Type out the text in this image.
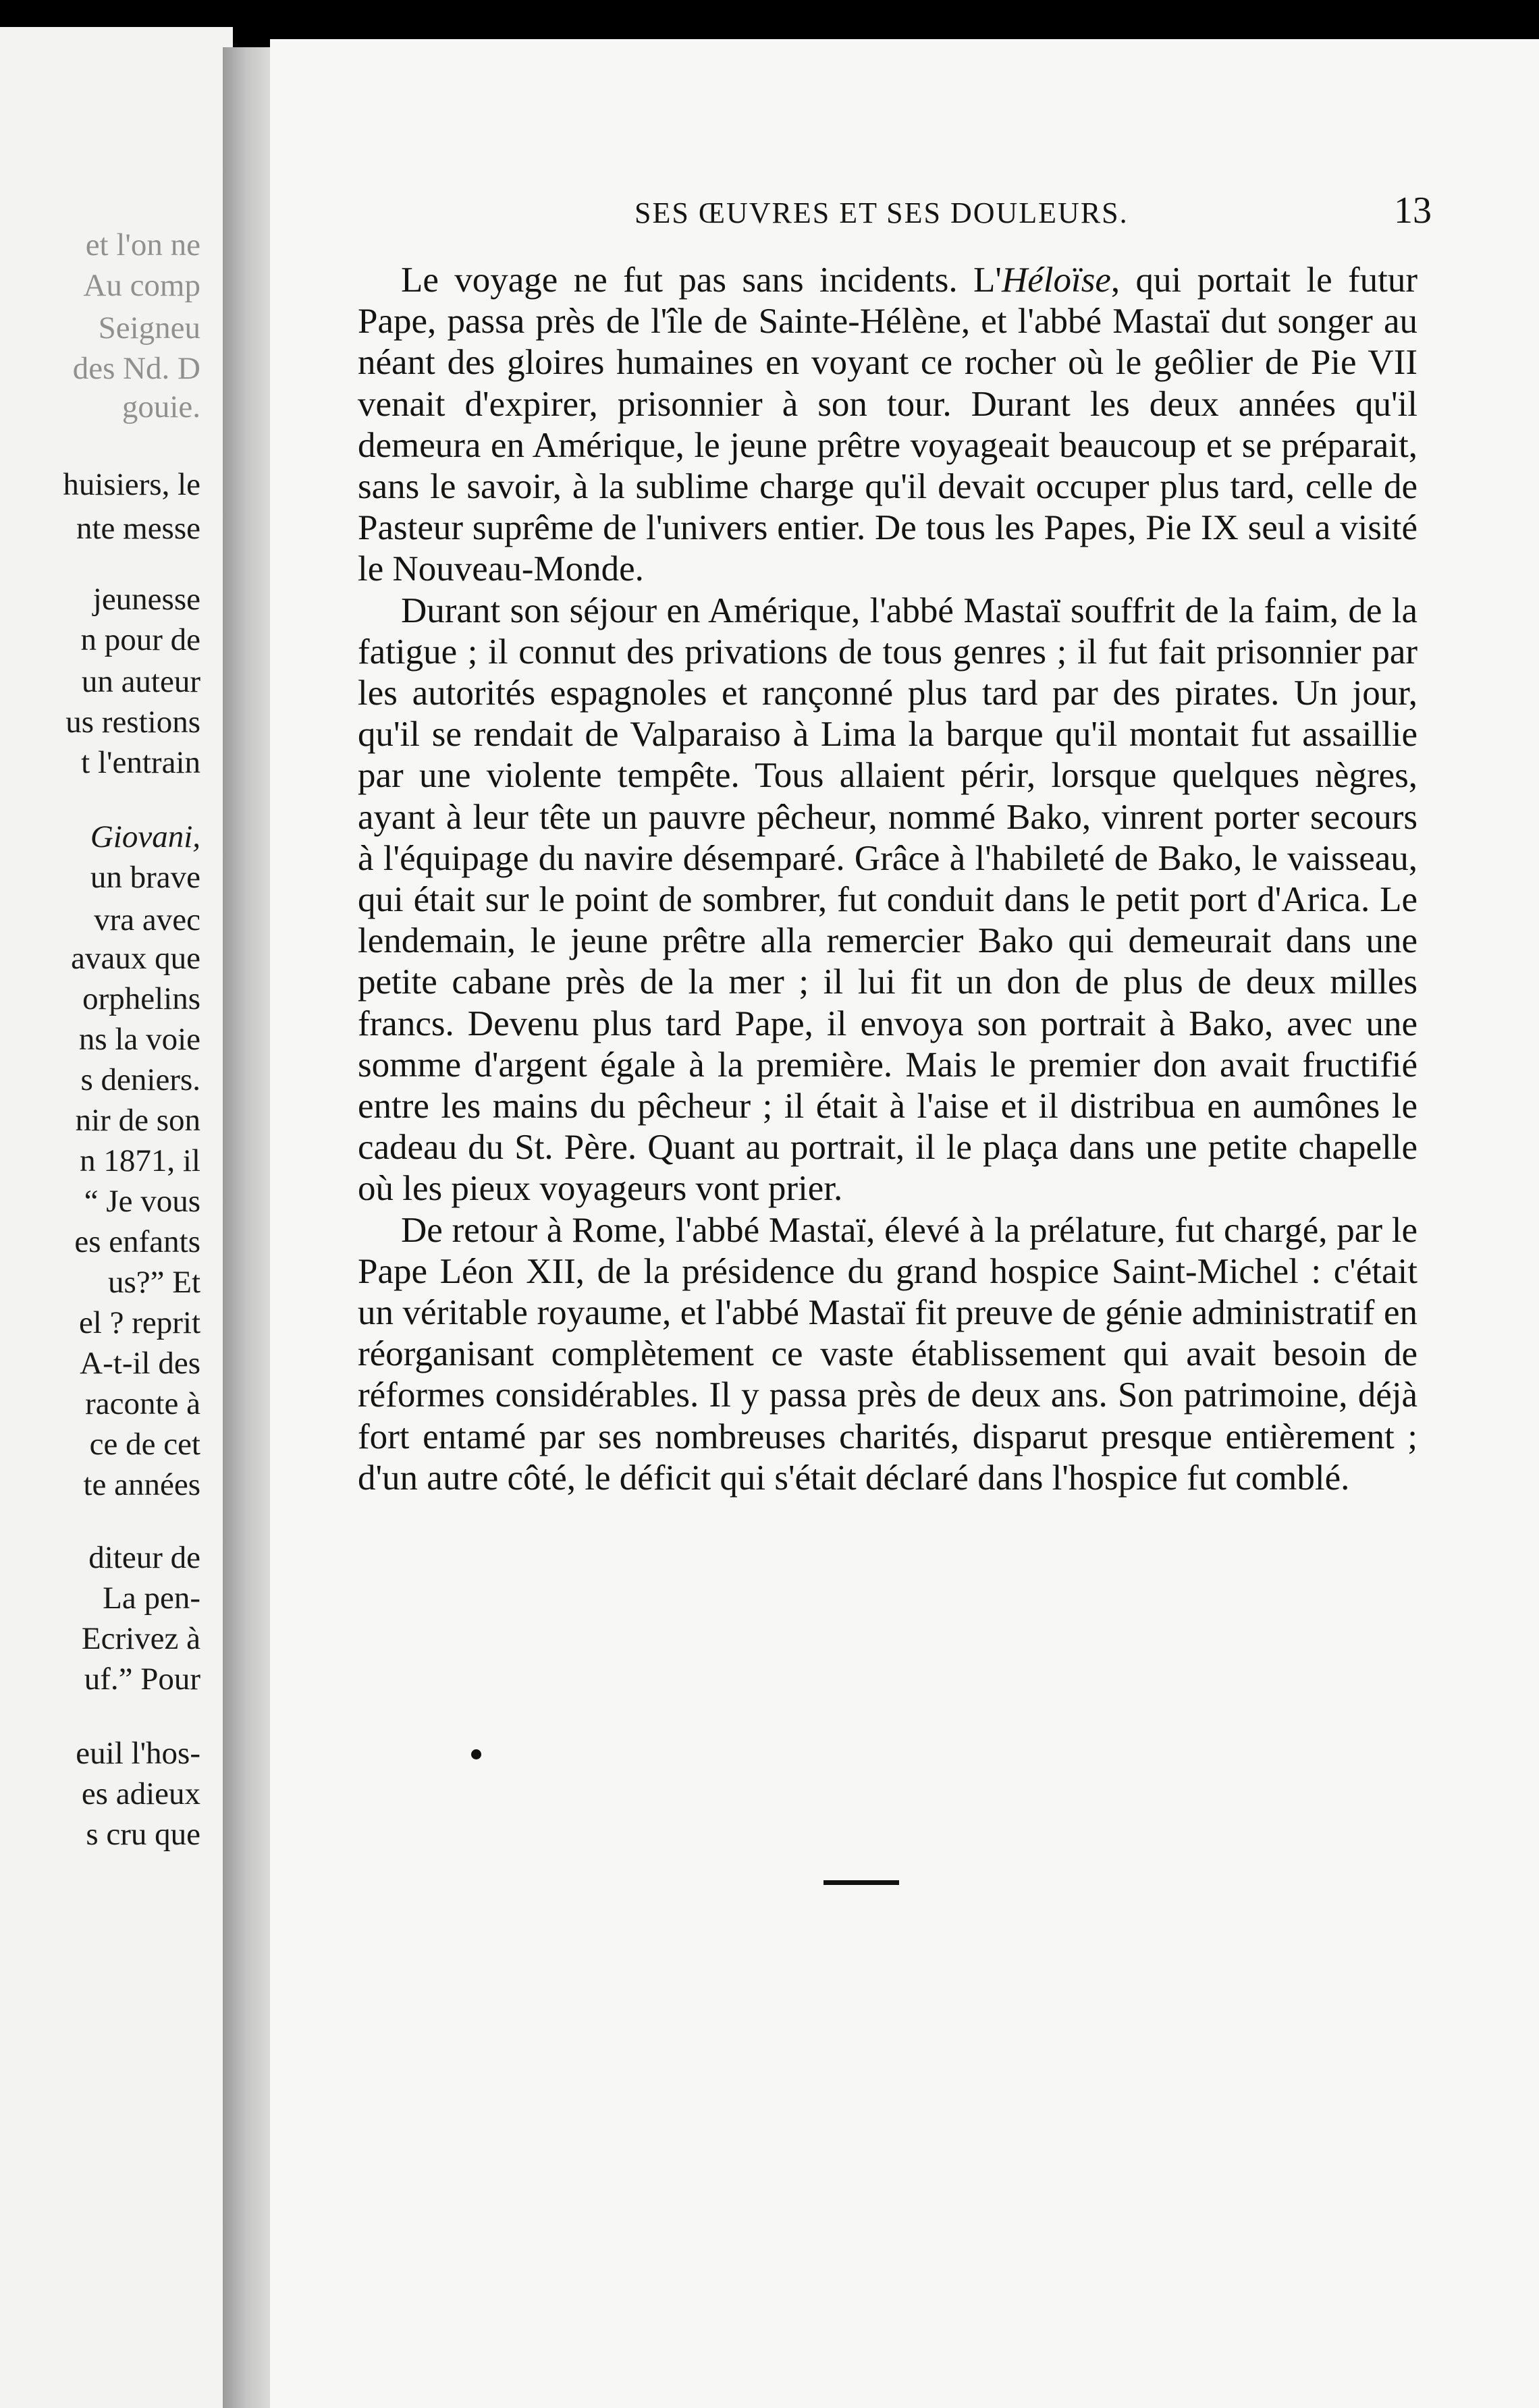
et l'on ne
Au comp
Seigneu
des Nd. D
gouie.
huisiers, le
nte messe
jeunesse
n pour de
un auteur
us restions
t l'entrain
Giovani,
un brave
vra avec
avaux que
orphelins
ns la voie
s deniers.
nir de son
n 1871, il
“ Je vous
es enfants
us?” Et
el ? reprit
A-t-il des
raconte à
ce de cet
te années
diteur de
La pen-
Ecrivez à
uf.” Pour
euil l'hos-
es adieux
s cru que
SES ŒUVRES ET SES DOULEURS.	13

Le voyage ne fut pas sans incidents. L'Héloïse, qui portait le futur Pape, passa près de l'île de Sainte-Hélène, et l'abbé Mastaï dut songer au néant des gloires humaines en voyant ce rocher où le geôlier de Pie VII venait d'expirer, prisonnier à son tour. Durant les deux années qu'il demeura en Amérique, le jeune prêtre voyageait beaucoup et se préparait, sans le savoir, à la sublime charge qu'il devait occuper plus tard, celle de Pasteur suprême de l'univers entier. De tous les Papes, Pie IX seul a visité le Nouveau-Monde.

Durant son séjour en Amérique, l'abbé Mastaï souffrit de la faim, de la fatigue ; il connut des privations de tous genres ; il fut fait prisonnier par les autorités espagnoles et rançonné plus tard par des pirates. Un jour, qu'il se rendait de Valparaiso à Lima la barque qu'il montait fut assaillie par une violente tempête. Tous allaient périr, lorsque quelques nègres, ayant à leur tête un pauvre pêcheur, nommé Bako, vinrent porter secours à l'équipage du navire désemparé. Grâce à l'habileté de Bako, le vaisseau, qui était sur le point de sombrer, fut conduit dans le petit port d'Arica. Le lendemain, le jeune prêtre alla remercier Bako qui demeurait dans une petite cabane près de la mer ; il lui fit un don de plus de deux milles francs. Devenu plus tard Pape, il envoya son portrait à Bako, avec une somme d'argent égale à la première. Mais le premier don avait fructifié entre les mains du pêcheur ; il était à l'aise et il distribua en aumônes le cadeau du St. Père. Quant au portrait, il le plaça dans une petite chapelle où les pieux voyageurs vont prier.

De retour à Rome, l'abbé Mastaï, élevé à la prélature, fut chargé, par le Pape Léon XII, de la présidence du grand hospice Saint-Michel : c'était un véritable royaume, et l'abbé Mastaï fit preuve de génie administratif en réorganisant complètement ce vaste établissement qui avait besoin de réformes considérables. Il y passa près de deux ans. Son patrimoine, déjà fort entamé par ses nombreuses charités, disparut presque entièrement ; d'un autre côté, le déficit qui s'était déclaré dans l'hospice fut comblé.
